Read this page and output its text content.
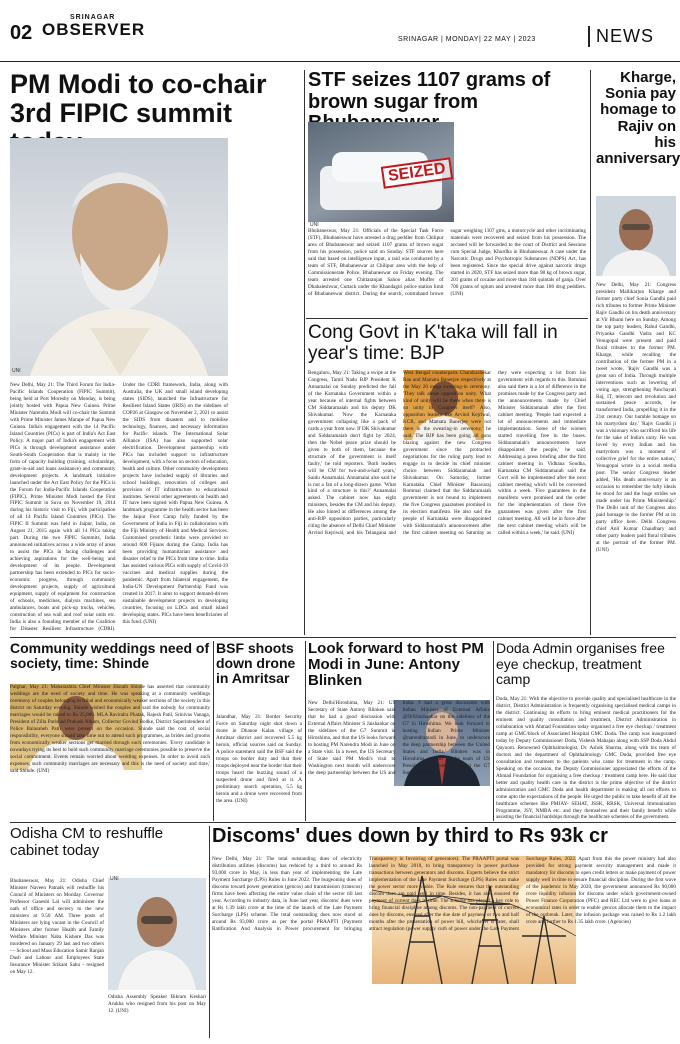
02
SRINAGAR
OBSERVER
SRINAGAR | MONDAY| 22 MAY | 2023	NEWS
PM Modi to co-chair 3rd FIPIC summit
New Delhi, May 21: The Third Forum for India-Pacific Islands Cooperation (FIPIC Summit), being held at Port Moresby on Monday, is being jointly hosted with Papua New Guinea. Prime Minister Narendra Modi will co-chair the Summit with Prime Minister James Marape of Papua New Guinea. India's engagement with the 14 Pacific Island Countries (PICs) is part of India's Act East Policy. A major part of India's engagement with PICs is through development assistance under South-South Cooperation that is mainly in the form of capacity building (training, scholarships, grant-in-aid and loans assistance) and community development projects. A landmark initiative launched under the Act East Policy for the PICs is the Forum for India-Pacific Islands Cooperation (FIPIC). Prime Minister Modi hosted the First FIPIC Summit in Suva on November 19, 2014 during his historic visit to Fiji, with participation of all 14 Pacific Island Countries (PICs). The FIPIC II Summit was held in Jaipur, India, on August 21, 2015 again with all 14 PICs taking part. During the two FIPIC Summits, India announced initiatives across a wide array of areas to assist the PICs in facing challenges and achieving aspirations for the well-being and development of its people. Development partnership has been extended to PICs for socio-economic progress, through community development projects, supply of agricultural equipment, supply of equipment for construction of schools, medicines, dialysis machines, sea ambulances, boats and pick-up trucks, vehicles, construction of sea wall and roof solar units etc. India is also a founding member of the Coalition for Disaster Resilient Infrastructure (CDRI). Under the CDRI framework, India, along with Australia, the UK and small island developing states (SIDS), launched the Infrastructure for Resilient Island States (IRIS) on the sidelines of COP26 at Glasgow on November 2, 2021 to assist the SIDS from disasters and to mobilise technology, finances, and necessary information for Pacific islands. The International Solar Alliance (ISA) has also supported solar electrification. Development partnership with PICs has included support to infrastructure development, with a focus on sectors of education, health and culture. Other community development projects have included supply of libraries and school buildings, renovation of colleges and provision of IT infrastructure to educational institutes. Several other agreements on health and IT have been signed with Papua New Guinea. A landmark programme in the health sector has been the Jaipur Foot Camp fully funded by the Government of India in Fiji in collaboration with the Fiji Ministry of Health and Medical Services. Customised prosthetic limbs were provided to around 600 Fijians during the Camp. India has been providing humanitarian assistance and disaster relief to the PICs from time to time. India has assisted various PICs with supply of Covid-19 vaccines and medical supplies during the pandemic. Apart from bilateral engagement, the India-UN Development Partnership Fund was created in 2017. It aims to support demand-driven sustainable development projects in developing countries, focusing on LDCs and small island developing states. PICs have been beneficiaries of this fund. (UNI)
UNI
STF seizes 1107 grams of brown sugar from
SEIZED
UNI
Bhubaneswar, May 21: Officials of the Special Task Force (STF), Bhubaneswar have arrested a drug peddler from Chilipur area of Bhubaneswar and seized 1107 grams of brown sugar from his possession, police said on Sunday. STF sources here said that based on intelligence input, a raid was conducted by a team of STF, Bhubaneswar at Chilipur area with the help of Commissionerate Police, Bhubaneswar on Friday evening. The team arrested one Chittaranjan Sahoo alias Muffer of Dhabaleshwar, Cuttack under the Khandagiri police station limit of Bhubaneswar district. During the search, contraband brown sugar weighing 1107 gms, a motorcycle and other incriminating materials were recovered and seized from his possession. The accused will be forwarded to the court of District and Sessions cum Special Judge, Khurdha in Bhubaneswar. A case under the Narcotic Drugs and Psychotropic Substances (NDPS) Act, has been registered. Since the special drive against narcotic drugs started in 2020, STF has seized more than 98 kg of brown sugar, 201 grams of cocaine and more than 184 quintals of ganja. Over 700 grams of opium and arrested more than 186 drug peddlers. (UNI)
Kharge, Sonia pay homage to Rajiv on his anniversary
New Delhi, May 21: Congress president Mallikarjun Kharge and former party chief Sonia Gandhi paid rich tributes to former Prime Minister Rajiv Gandhi on his death anniversary at Vir Bhumi here on Sunday. Among the top party leaders, Rahul Gandhi, Priyanka Gandhi Vadra and KC Venugopal were present and paid floral tributes to the former PM. Kharge, while recalling the contribution of the former PM in a tweet wrote, 'Rajiv Gandhi was a great son of India. Through multiple interventions such as lowering of voting age, strengthening Panchayati Raj, IT, telecom and revolution and sustained peace accords, he transformed India, propelling it in the 21st century. Our humble homage on his martyrdom day.' 'Rajiv Gandhi ji was a visionary who sacrificed his life for the sake of India's unity. He was loved by every Indian and his martyrdom was a moment of collective grief for the entire nation,' Venugopal wrote in a social media post. The senior Congress leader added, 'His death anniversary is an occasion to remember the lofty ideals he stood for and the huge strides we made under his Prime Ministership.' The Delhi unit of the Congress also paid homage to the former PM at its party office here. Delhi Congress chief Anil Kumar Chaudhary and other party leaders paid floral tributes at the portrait of the former PM. (UNI)
Cong Govt in K'taka will fall in year's time: BJP
Bengaluru, May 21: Taking a swipe at the Congress, Tamil Nadu BJP President K Annamalai on Sunday predicted the fall of the Karnataka Government within a year because of internal fights between CM Siddaramaiah and his deputy DK Shivakumar. 'Now the Karnataka government collapsing like a pack of cards a year from now. If DK Shivakumar and Siddaramaiah don't fight by 2024, then the Nobel peace prize should be given to both of them, because the structure of the government is itself faulty,' he told reporters. 'Both leaders will be CM for two-and-a-half years,' Saidu Annamalai. Annamalai also said he is not a fan of a long-drawn game. 'What kind of a structure is this?' Annamalai asked. The cabinet now has eight ministers, besides the CM and his deputy. He also hinted at differences among the anti-BJP opposition parties, particularly citing the absence of Delhi Chief Minister Arvind Kejriwal, and his Telangana and West Bengal counterparts Chandrashekar Rao and Mamata Banerjee respectively at the May 20 mega swearing-in ceremony. 'They talk about opposition unity. What kind of unity will be there when there is no unity in Congress itself? Also, opposition leaders like Arvind Kejriwal, KCR, and Mamata Banerjee were not there in the swearing-in ceremony,' he said. The BJP has been going all guns blazing against the new Congress government since the protracted negotiations for the ruling party lead to engage in to decide its chief minister choice between Siddaramaiah and Shivakumar. On Saturday, former Karnataka Chief Minister Basavaraj Bommai claimed that the Siddaramaiah government is not bound to implement the five Congress guarantees promised in its election manifesto. He also said the people of Karnataka were disappointed with Siddaramaiah's announcement after the first cabinet meeting on Saturday as they were expecting a lot from his government with regards to this. Bommai also said there is a lot of difference in the promises made by the Congress party and the announcements made by Chief Minister Siddaramaiah after the first cabinet meeting. 'People had expected a lot of announcements and immediate implementation. Some of the women started travelling free in the buses. Siddaramaiah's announcements have disappointed the people,' he said. Addressing a press briefing after the first cabinet meeting in Vidhana Soudha, Karnataka CM Siddaramaiah said the Govt will be implemented after the next cabinet meeting which will be convened within a week. 'Five guarantees in the manifesto were promised and the order for the implementation of these five guarantees was given after the first cabinet meeting. All will be in force after the next cabinet meeting which will be called within a week,' he said. (UNI)
Community weddings need of society, time: Shinde
Palghar, May 21: Maharashtra Chief Minister Eknath Shinde has asserted that community weddings are the need of society and time. He was speaking at a community weddings ceremony of couples belonging to tribal and economically weaker sections of the society in this district on Saturday evening. Shinde wished the couples and said the nobody for community marriages would be raised to Rs 25,000. MLA Ravindra Phatak, Rajesh Patil, Srinivas Vanaga, President of Zilla Parishad Prakash Nikam, Collector Govind Bodke, District Superintendent of Police Balasaheb Patil were present on the occasion. Shinde said the cost of social responsibility, everyone should take time out to attend such programmes, as brides and grooms from economically weaker sections get married through such ceremonies. 'Every candidate is nowadays trying its best to hold such community marriage ceremonies possible to preserve the social commitment. Events remain worried about wedding expenses. In order to avoid such expenses, such community marriages are necessary and this is the need of society and time,' said Shinde. (UNI)
BSF shoots down drone in Amritsar
Jalandhar, May 21: Border Security Force on Saturday night shot down a drone in Dhanoe Kalan village of Amritsar district and recovered 5.5 kg heroin, official sources said on Sunday. A police statement said the BSF said the troops on border duty and that their troops deployed near the border that their troops heard the buzzing sound of a suspected drone and fired at it. A preliminary search operation, 5.5 kg heroin and a drone were recovered from the area. (UNI)
Look forward to host PM Modi in June: Antony Blinken
New Delhi/Hiroshima, May 21: US Secretary of State Antony Blinken said that he had a good discussion with External Affairs Minister S Jaishankar on the sidelines of the G7 Summit in Hiroshima, and that the US looks forward to hosting PM Narendra Modi in June on a State visit. In a tweet, the US Secretary of State said PM Modi's visit to Washington next month will underscore the deep partnership between the US and India. 'I had a great discussion with Indian Minister of External Affairs @DrSJaishankar on the sidelines of the G7 in Hiroshima. We look forward to hosting Indian Prime Minister @narendramodi in June, to underscore the deep partnership between the United States and India,' Blinken was in Hiroshima as part of the team of US President Joe Biden to attend the G7 Summit. (UNI)
Doda Admin organises free eye checkup, treatment camp
Doda, May 21: With the objective to provide quality and specialised healthcare in the district, District Administration is frequently organising specialised medical camps in the district. Continuing its efforts to bring eminent medical practitioners for the eminent and quality consultation and treatment, District Administration in collaboration with Ahmad Foundation today organised a free eye checkup / treatment camp at GMC/block of Associated Hospital GMC Doda. The camp was inaugurated today by Deputy Commissioner Doda, Vishesh Mahajan along with SSP Doda Abdul Qayoom. Renowned Ophthalmologist, Dr. Ashok Sharma, along with his team of doctors and the department of Ophthalmology GMC Doda, provided free eye consultation and treatment to the patients who came for treatment in the camp. Speaking on the occasion, the Deputy Commissioner appreciated the efforts of the Ahmad Foundation for organising a free checkup / treatment camp here. He said that better and quality health care in the district is the prime objective of the district administration and GMC Doda and health department is making all out efforts to come upto the expectations of the people. He urged the public to take benefit of all the healthcare schemes like PMJAY- SEHAT, JSSK, RBSK, Universal Immunisation Programme, JSY, NMBA etc. and they themselves and their family benefit while assisting the financial hardships through the healthcare schemes of the government.
Odisha CM to reshuffle cabinet today
UNI
Bhubaneswar, May 21: Odisha Chief Minister Naveen Patnaik will reshuffle his Council of Ministers on Monday. Governor Professor Ganeshi Lal will administer the oath of office and secrecy to the new ministers at 9.50 AM. Three posts of Ministers are lying vacant in the Council of Ministers after former Health and Family Welfare Minister Naba Kishore Das was murdered on January 29 last and two others — School and Mass Education Samir Ranjan Dash and Labour and Employees State Insurance Minister Srikant Sahu - resigned on May 12.
Odisha Assembly Speaker Bikram Keshari Arukha who resigned from his post on May 12. (UNI)
Discoms' dues down by third to Rs 93k cr
New Delhi, May 21: The total outstanding dues of electricity distribution utilities (discoms) has reduced by a third to around Rs 93,000 crore in May, in less than year of implementing the Late Payment Surcharge (LPS) Rules in June 2022. The burgeoning dues of discoms toward power generation (gencos) and transmission (transcos) firms have been affecting the entire value chain of the sector till last year. According to industry data, in June last year, discoms' dues were at Rs 1.39 lakh crore at the time of the launch of the Late Payment Surcharge (LPS) scheme. The total outstanding dues now stood at around Rs 93,000 crore as per the portal PRAAPTI (Payment Ratification And Analysis in Power procurement for bringing Transparency in Invoicing of generators). The PRAAPTI portal was launched in May 2018, to bring transparency in power purchase transactions between generators and discoms. Experts believe the strict implementation of the Late Payment Surcharge (LPS) Rules can make the power sector more viable. The Rule ensures that the outstanding discom dues are paid well in time. Besides, it has also ensured the payment of current dues in time. The scheme has played a key role to bring financial discipline among discoms. The non-payment of current dues by discoms, ensured after the due date of payment or two and half months after the presentation of power bill, whichever is later, shall attract regulation (power supply curb of power under the Late Payment Surcharge Rules, 2022. Apart from this the power ministry had also provided for strong payment security management and made it mandatory for discoms to open credit letters or make payment of power supply well in time to ensure financial discipline. During the first wave of the pandemic in May 2020, the government announced Rs 90,000 crore liquidity infusion for discoms under which government-owned Power Finance Corporation (PFC) and REC Ltd were to give loans at economical rates in order to enable gencos allocate them to the impact of the outbreak. Later, the infusion package was raised to Rs 1.2 lakh crore and further to Rs 1.35 lakh crore. (Agencies)
